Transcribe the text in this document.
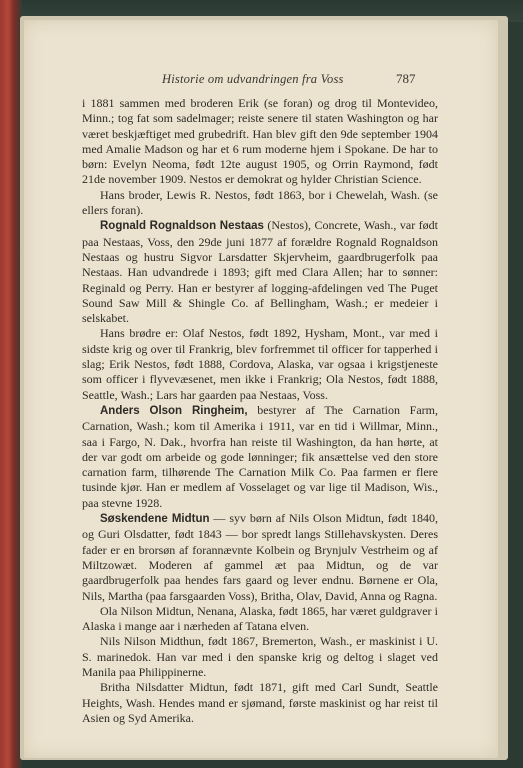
Historie om udvandringen fra Voss	787

i 1881 sammen med broderen Erik (se foran) og drog til Montevideo, Minn.; tog fat som sadelmager; reiste senere til staten Washington og har været beskjæftiget med grubedrift. Han blev gift den 9de september 1904 med Amalie Madson og har et 6 rum moderne hjem i Spokane. De har to børn: Evelyn Neoma, født 12te august 1905, og Orrin Raymond, født 21de november 1909. Nestos er demokrat og hylder Christian Science.

Hans broder, Lewis R. Nestos, født 1863, bor i Chewelah, Wash. (se ellers foran).

Rognald Rognaldson Nestaas (Nestos), Concrete, Wash., var født paa Nestaas, Voss, den 29de juni 1877 af forældre Rognald Rognaldson Nestaas og hustru Sigvor Larsdatter Skjervheim, gaardbrugerfolk paa Nestaas. Han udvandrede i 1893; gift med Clara Allen; har to sønner: Reginald og Perry. Han er bestyrer af logging-afdelingen ved The Puget Sound Saw Mill & Shingle Co. af Bellingham, Wash.; er medeier i selskabet.

Hans brødre er: Olaf Nestos, født 1892, Hysham, Mont., var med i sidste krig og over til Frankrig, blev forfremmet til officer for tapperhed i slag; Erik Nestos, født 1888, Cordova, Alaska, var ogsaa i krigstjeneste som officer i flyvevæsenet, men ikke i Frankrig; Ola Nestos, født 1888, Seattle, Wash.; Lars har gaarden paa Nestaas, Voss.

Anders Olson Ringheim, bestyrer af The Carnation Farm, Carnation, Wash.; kom til Amerika i 1911, var en tid i Willmar, Minn., saa i Fargo, N. Dak., hvorfra han reiste til Washington, da han hørte, at der var godt om arbeide og gode lønninger; fik ansættelse ved den store carnation farm, tilhørende The Carnation Milk Co. Paa farmen er flere tusinde kjør. Han er medlem af Vosselaget og var lige til Madison, Wis., paa stevne 1928.

Søskendene Midtun — syv børn af Nils Olson Midtun, født 1840, og Guri Olsdatter, født 1843 — bor spredt langs Stillehavskysten. Deres fader er en brorsøn af forannævnte Kolbein og Brynjulv Vestrheim og af Miltzowæt. Moderen af gammel æt paa Midtun, og de var gaardbrugerfolk paa hendes fars gaard og lever endnu. Børnene er Ola, Nils, Martha (paa farsgaarden Voss), Britha, Olav, David, Anna og Ragna.

Ola Nilson Midtun, Nenana, Alaska, født 1865, har været guldgraver i Alaska i mange aar i nærheden af Tatana elven.

Nils Nilson Midthun, født 1867, Bremerton, Wash., er maskinist i U. S. marinedok. Han var med i den spanske krig og deltog i slaget ved Manila paa Philippinerne.

Britha Nilsdatter Midtun, født 1871, gift med Carl Sundt, Seattle Heights, Wash. Hendes mand er sjømand, første maskinist og har reist til Asien og Syd Amerika.
